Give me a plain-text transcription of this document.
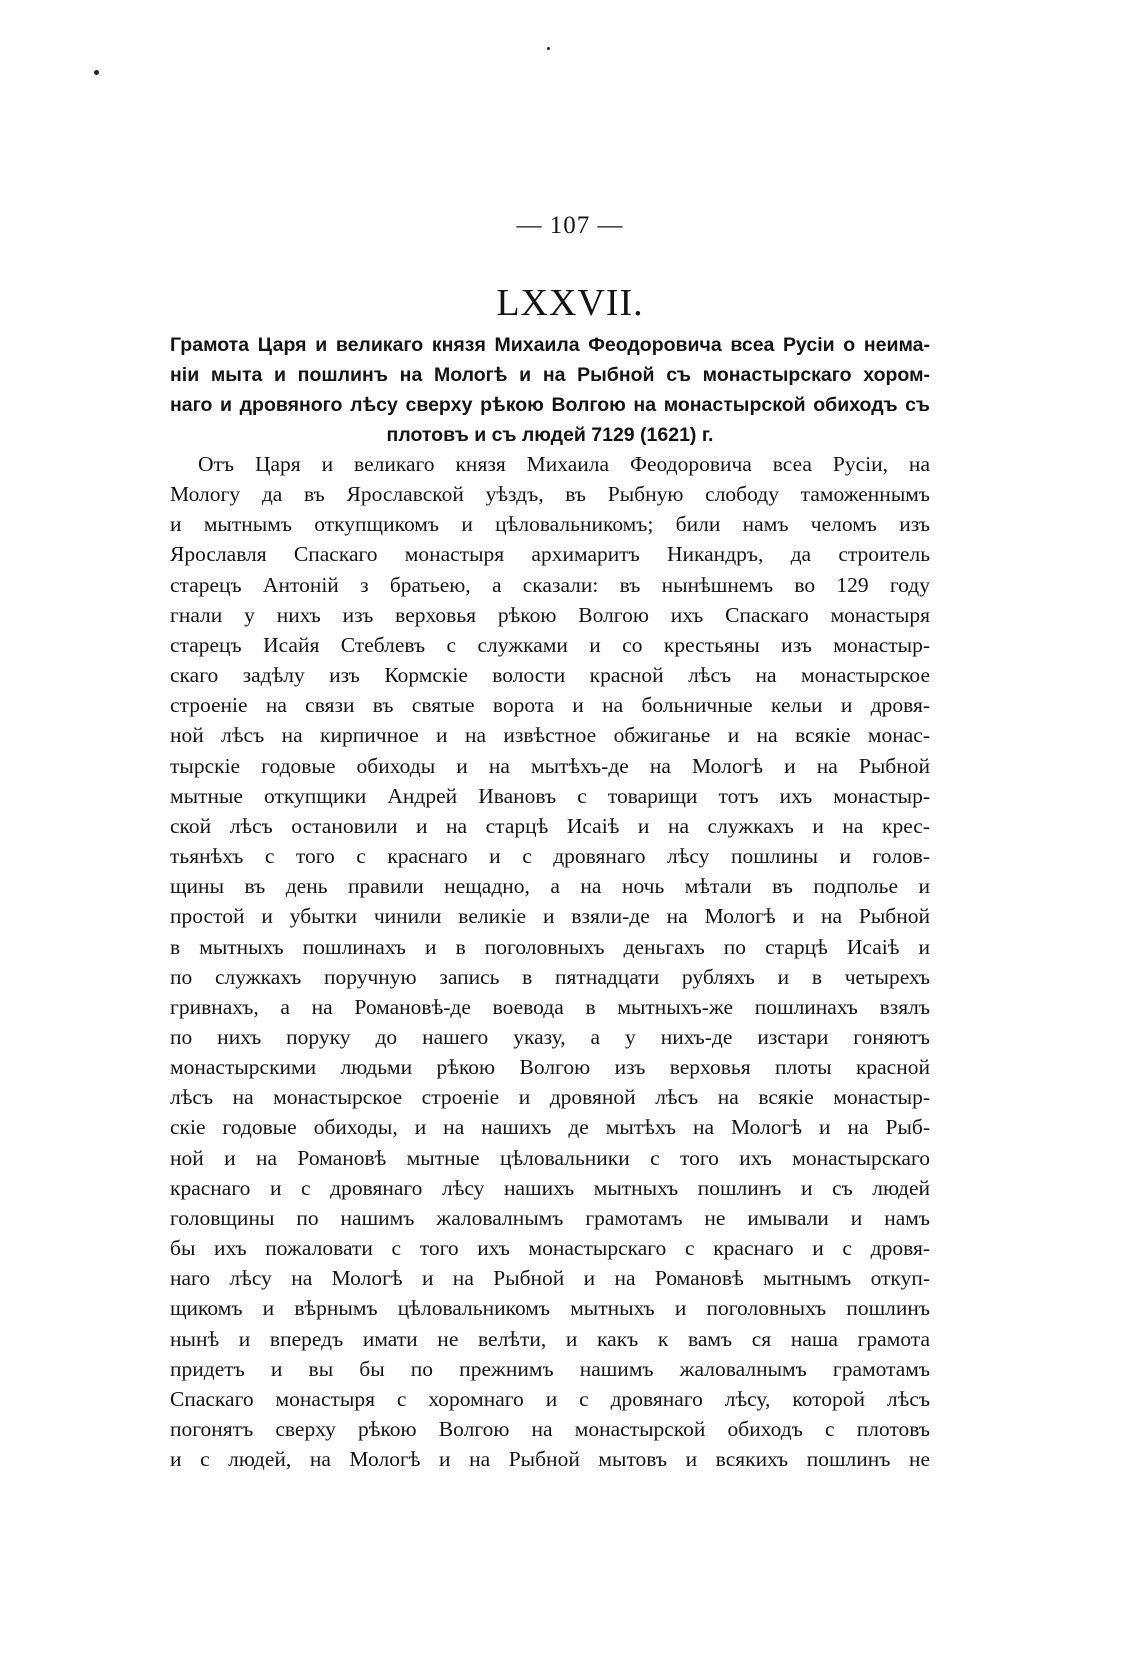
— 107 —
LXXVII.
Грамота Царя и великаго князя Михаила Феодоровича всеа Русіи о неима-
ніи мыта и пошлинъ на Мологѣ и на Рыбной съ монастырскаго хором-
наго и дровяного лѣсу сверху рѣкою Волгою на монастырской обиходъ съ
плотовъ и съ людей 7129 (1621) г.
Отъ Царя и великаго князя Михаила Феодоровича всеа Русіи, на
Мологу да въ Ярославской уѣздъ, въ Рыбную слободу таможеннымъ
и мытнымъ откупщикомъ и цѣловальникомъ; били намъ челомъ изъ
Ярославля Спаскаго монастыря архимаритъ Никандръ, да строитель
старецъ Антоній з братьею, а сказали: въ нынѣшнемъ во 129 году
гнали у нихъ изъ верховья рѣкою Волгою ихъ Спаскаго монастыря
старецъ Исайя Стеблевъ с служками и со крестьяны изъ монастыр-
скаго задѣлу изъ Кормскіе волости красной лѣсъ на монастырское
строеніе на связи въ святые ворота и на больничные кельи и дровя-
ной лѣсъ на кирпичное и на извѣстное обжиганье и на всякіе монас-
тырскіе годовые обиходы и на мытѣхъ-де на Мологѣ и на Рыбной
мытные откупщики Андрей Ивановъ с товарищи тотъ ихъ монастыр-
ской лѣсъ остановили и на старцѣ Исаiѣ и на служкахъ и на крес-
тьянѣхъ с того с краснаго и с дровянаго лѣсу пошлины и голов-
щины въ день правили нещадно, а на ночь мѣтали въ подполье и
простой и убытки чинили великіе и взяли-де на Мологѣ и на Рыбной
в мытныхъ пошлинахъ и в поголовныхъ деньгахъ по старцѣ Исаiѣ и
по служкахъ поручную запись в пятнадцати рубляхъ и в четырехъ
гривнахъ, а на Романовѣ-де воевода в мытныхъ-же пошлинахъ взялъ
по нихъ поруку до нашего указу, а у нихъ-де изстари гоняютъ
монастырскими людьми рѣкою Волгою изъ верховья плоты красной
лѣсъ на монастырское строеніе и дровяной лѣсъ на всякіе монастыр-
скіе годовые обиходы, и на нашихъ де мытѣхъ на Мологѣ и на Рыб-
ной и на Романовѣ мытные цѣловальники с того ихъ монастырскаго
краснаго и с дровянаго лѣсу нашихъ мытныхъ пошлинъ и съ людей
головщины по нашимъ жаловалнымъ грамотамъ не имывали и намъ
бы ихъ пожаловати с того ихъ монастырскаго с краснаго и с дровя-
наго лѣсу на Мологѣ и на Рыбной и на Романовѣ мытнымъ откуп-
щикомъ и вѣрнымъ цѣловальникомъ мытныхъ и поголовныхъ пошлинъ
нынѣ и впередъ имати не велѣти, и какъ к вамъ ся наша грамота
придетъ и вы бы по прежнимъ нашимъ жаловалнымъ грамотамъ
Спаскаго монастыря с хоромнаго и с дровянаго лѣсу, которой лѣсъ
погонятъ сверху рѣкою Волгою на монастырской обиходъ с плотовъ
и с людей, на Мологѣ и на Рыбной мытовъ и всякихъ пошлинъ не
